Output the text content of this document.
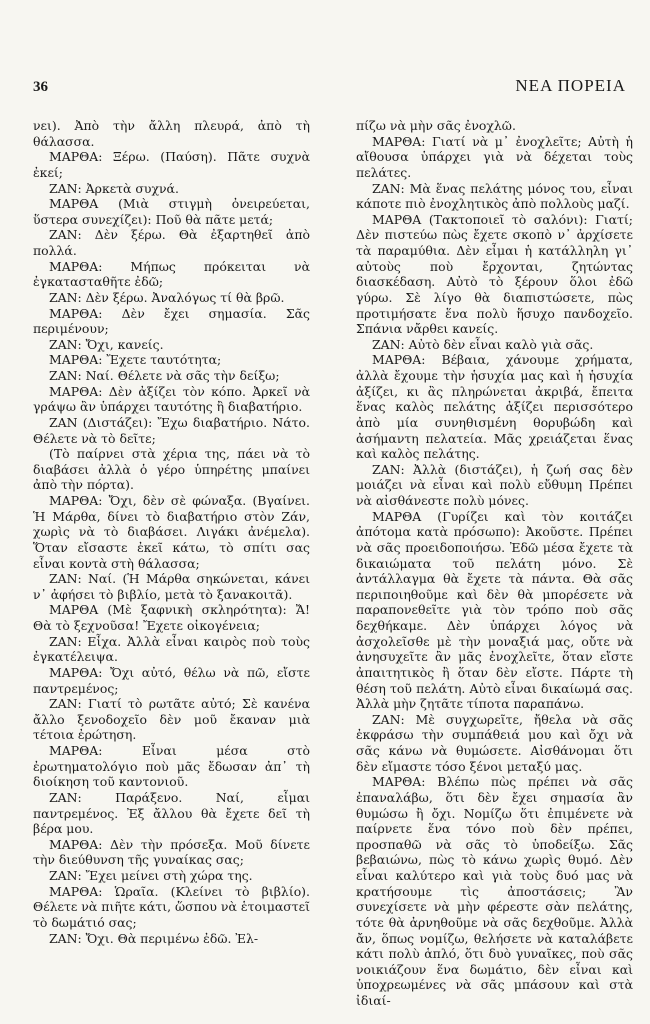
36	ΝΕΑ ΠΟΡΕΙΑ

νει). Ἀπὸ τὴν ἄλλη πλευρά, ἀπὸ τὴ θάλασσα.

ΜΑΡΘΑ: Ξέρω. (Παύση). Πᾶτε συχνὰ ἐκεί;

ΖΑΝ: Ἀρκετὰ συχνά.

ΜΑΡΘΑ (Μιὰ στιγμὴ ὀνειρεύεται, ὕστερα συνεχίζει): Ποῦ θὰ πᾶτε μετά;

ΖΑΝ: Δὲν ξέρω. Θὰ ἐξαρτηθεῖ ἀπὸ πολλά.

ΜΑΡΘΑ: Μήπως πρόκειται νὰ ἐγκατασταθῆτε ἐδῶ;

ΖΑΝ: Δὲν ξέρω. Ἀναλόγως τί θὰ βρῶ.

ΜΑΡΘΑ: Δὲν ἔχει σημασία. Σᾶς περιμένουν;

ΖΑΝ: Ὄχι, κανείς.

ΜΑΡΘΑ: Ἔχετε ταυτότητα;

ΖΑΝ: Ναί. Θέλετε νὰ σᾶς τὴν δείξω;

ΜΑΡΘΑ: Δὲν ἀξίζει τὸν κόπο. Ἀρκεῖ νὰ γράψω ἂν ὑπάρχει ταυτότης ἢ διαβατήριο.

ΖΑΝ (Διστάζει): Ἔχω διαβατήριο. Νάτο. Θέλετε νὰ τὸ δεῖτε;

(Τὸ παίρνει στὰ χέρια της, πάει νὰ τὸ διαβάσει ἀλλὰ ὁ γέρο ὑπηρέτης μπαίνει ἀπὸ τὴν πόρτα).

ΜΑΡΘΑ: Ὄχι, δὲν σὲ φώναξα. (Βγαίνει. Ἡ Μάρθα, δίνει τὸ διαβατήριο στὸν Ζάν, χωρὶς νὰ τὸ διαβάσει. Λιγάκι ἀνέμελα). Ὅταν εἴσαστε ἐκεῖ κάτω, τὸ σπίτι σας εἶναι κοντὰ στὴ θάλασσα;

ΖΑΝ: Ναί. (Ἡ Μάρθα σηκώνεται, κάνει ν᾽ ἀφήσει τὸ βιβλίο, μετὰ τὸ ξανακοιτᾶ).

ΜΑΡΘΑ (Μὲ ξαφνικὴ σκληρότητα): Ἄ! Θὰ τὸ ξεχνοῦσα! Ἔχετε οἰκογένεια;

ΖΑΝ: Εἶχα. Ἀλλὰ εἶναι καιρὸς ποὺ τοὺς ἐγκατέλειψα.

ΜΑΡΘΑ: Ὄχι αὐτό, θέλω νὰ πῶ, εἴστε παντρεμένος;

ΖΑΝ: Γιατί τὸ ρωτᾶτε αὐτό; Σὲ κανένα ἄλλο ξενοδοχεῖο δὲν μοῦ ἔκαναν μιὰ τέτοια ἐρώτηση.

ΜΑΡΘΑ: Εἶναι μέσα στὸ ἐρωτηματολόγιο ποὺ μᾶς ἔδωσαν ἀπ᾽ τὴ διοίκηση τοῦ καντονιοῦ.

ΖΑΝ: Παράξενο. Ναί, εἶμαι παντρεμένος. Ἐξ ἄλλου θὰ ἔχετε δεῖ τὴ βέρα μου.

ΜΑΡΘΑ: Δὲν τὴν πρόσεξα. Μοῦ δίνετε τὴν διεύθυνση τῆς γυναίκας σας;

ΖΑΝ: Ἔχει μείνει στὴ χώρα της.

ΜΑΡΘΑ: Ὡραῖα. (Κλείνει τὸ βιβλίο). Θέλετε νὰ πιῆτε κάτι, ὥσπου νὰ ἑτοιμαστεῖ τὸ δωμάτιό σας;

ΖΑΝ: Ὄχι. Θὰ περιμένω ἐδῶ. Ἐλ-

πίζω νὰ μὴν σᾶς ἐνοχλῶ.

ΜΑΡΘΑ: Γιατί νὰ μ᾽ ἐνοχλεῖτε; Αὐτὴ ἡ αἴθουσα ὑπάρχει γιὰ νὰ δέχεται τοὺς πελάτες.

ΖΑΝ: Μὰ ἕνας πελάτης μόνος του, εἶναι κάποτε πιὸ ἐνοχλητικὸς ἀπὸ πολλοὺς μαζί.

ΜΑΡΘΑ (Τακτοποιεῖ τὸ σαλόνι): Γιατί; Δὲν πιστεύω πὼς ἔχετε σκοπὸ ν᾽ ἀρχίσετε τὰ παραμύθια. Δὲν εἶμαι ἡ κατάλληλη γι᾽ αὐτοὺς ποὺ ἔρχονται, ζητώντας διασκέδαση. Αὐτὸ τὸ ξέρουν ὅλοι ἐδῶ γύρω. Σὲ λίγο θὰ διαπιστώσετε, πὼς προτιμήσατε ἕνα πολὺ ἥσυχο πανδοχεῖο. Σπάνια νἄρθει κανείς.

ΖΑΝ: Αὐτὸ δὲν εἶναι καλὸ γιὰ σᾶς.

ΜΑΡΘΑ: Βέβαια, χάνουμε χρήματα, ἀλλὰ ἔχουμε τὴν ἡσυχία μας καὶ ἡ ἡσυχία ἀξίζει, κι ἂς πληρώνεται ἀκριβά, ἔπειτα ἕνας καλὸς πελάτης ἀξίζει περισσότερο ἀπὸ μία συνηθισμένη θορυβώδη καὶ ἀσήμαντη πελατεία. Μᾶς χρειάζεται ἕνας καὶ καλὸς πελάτης.

ΖΑΝ: Ἀλλὰ (διστάζει), ἡ ζωή σας δὲν μοιάζει νὰ εἶναι καὶ πολὺ εὔθυμη Πρέπει νὰ αἰσθάνεστε πολὺ μόνες.

ΜΑΡΘΑ (Γυρίζει καὶ τὸν κοιτάζει ἀπότομα κατὰ πρόσωπο): Ἀκοῦστε. Πρέπει νὰ σᾶς προειδοποιήσω. Ἐδῶ μέσα ἔχετε τὰ δικαιώματα τοῦ πελάτη μόνο. Σὲ ἀντάλλαγμα θὰ ἔχετε τὰ πάντα. Θὰ σᾶς περιποιηθοῦμε καὶ δὲν θὰ μπορέσετε νὰ παραπονεθεῖτε γιὰ τὸν τρόπο ποὺ σᾶς δεχθήκαμε. Δὲν ὑπάρχει λόγος νὰ ἀσχολεῖσθε μὲ τὴν μοναξιά μας, οὔτε νὰ ἀνησυχεῖτε ἂν μᾶς ἐνοχλεῖτε, ὅταν εἴστε ἀπαιτητικὸς ἢ ὅταν δὲν εἴστε. Πάρτε τὴ θέση τοῦ πελάτη. Αὐτὸ εἶναι δικαίωμά σας. Ἀλλὰ μὴν ζητᾶτε τίποτα παραπάνω.

ΖΑΝ: Μὲ συγχωρεῖτε, ἤθελα νὰ σᾶς ἐκφράσω τὴν συμπάθειά μου καὶ ὄχι νὰ σᾶς κάνω νὰ θυμώσετε. Αἰσθάνομαι ὅτι δὲν εἴμαστε τόσο ξένοι μεταξύ μας.

ΜΑΡΘΑ: Βλέπω πὼς πρέπει νὰ σᾶς ἐπαναλάβω, ὅτι δὲν ἔχει σημασία ἂν θυμώσω ἢ ὄχι. Νομίζω ὅτι ἐπιμένετε νὰ παίρνετε ἕνα τόνο ποὺ δὲν πρέπει, προσπαθῶ νὰ σᾶς τὸ ὑποδείξω. Σᾶς βεβαιώνω, πὼς τὸ κάνω χωρὶς θυμό. Δὲν εἶναι καλύτερο καὶ γιὰ τοὺς δυό μας νὰ κρατήσουμε τὶς ἀποστάσεις; Ἂν συνεχίσετε νὰ μὴν φέρεστε σὰν πελάτης, τότε θὰ ἀρνηθοῦμε νὰ σᾶς δεχθοῦμε. Ἀλλὰ ἄν, ὅπως νομίζω, θελήσετε νὰ καταλάβετε κάτι πολὺ ἁπλό, ὅτι δυὸ γυναῖκες, ποὺ σᾶς νοικιάζουν ἕνα δωμάτιο, δὲν εἶναι καὶ ὑποχρεωμένες νὰ σᾶς μπάσουν καὶ στὰ ἰδιαί-
